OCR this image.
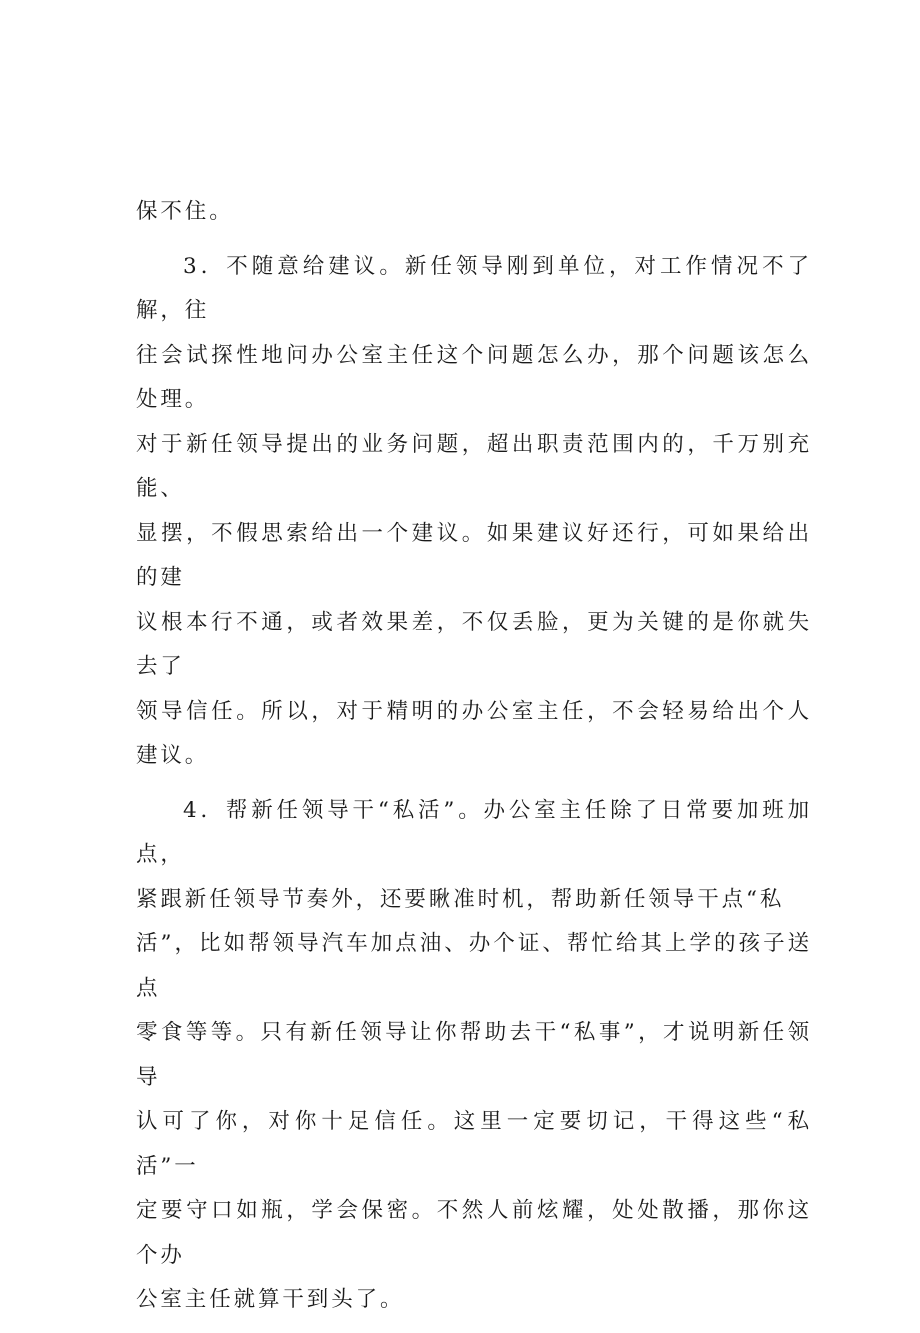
保不住。

3．不随意给建议。新任领导刚到单位，对工作情况不了解，往
往会试探性地问办公室主任这个问题怎么办，那个问题该怎么处理。
对于新任领导提出的业务问题，超出职责范围内的，千万别充能、
显摆，不假思索给出一个建议。如果建议好还行，可如果给出的建
议根本行不通，或者效果差，不仅丢脸，更为关键的是你就失去了
领导信任。所以，对于精明的办公室主任，不会轻易给出个人建议。

4．帮新任领导干“私活”。办公室主任除了日常要加班加点，
紧跟新任领导节奏外，还要瞅准时机，帮助新任领导干点“私
活”，比如帮领导汽车加点油、办个证、帮忙给其上学的孩子送点
零食等等。只有新任领导让你帮助去干“私事”，才说明新任领导
认可了你，对你十足信任。这里一定要切记，干得这些“私活”一
定要守口如瓶，学会保密。不然人前炫耀，处处散播，那你这个办
公室主任就算干到头了。
